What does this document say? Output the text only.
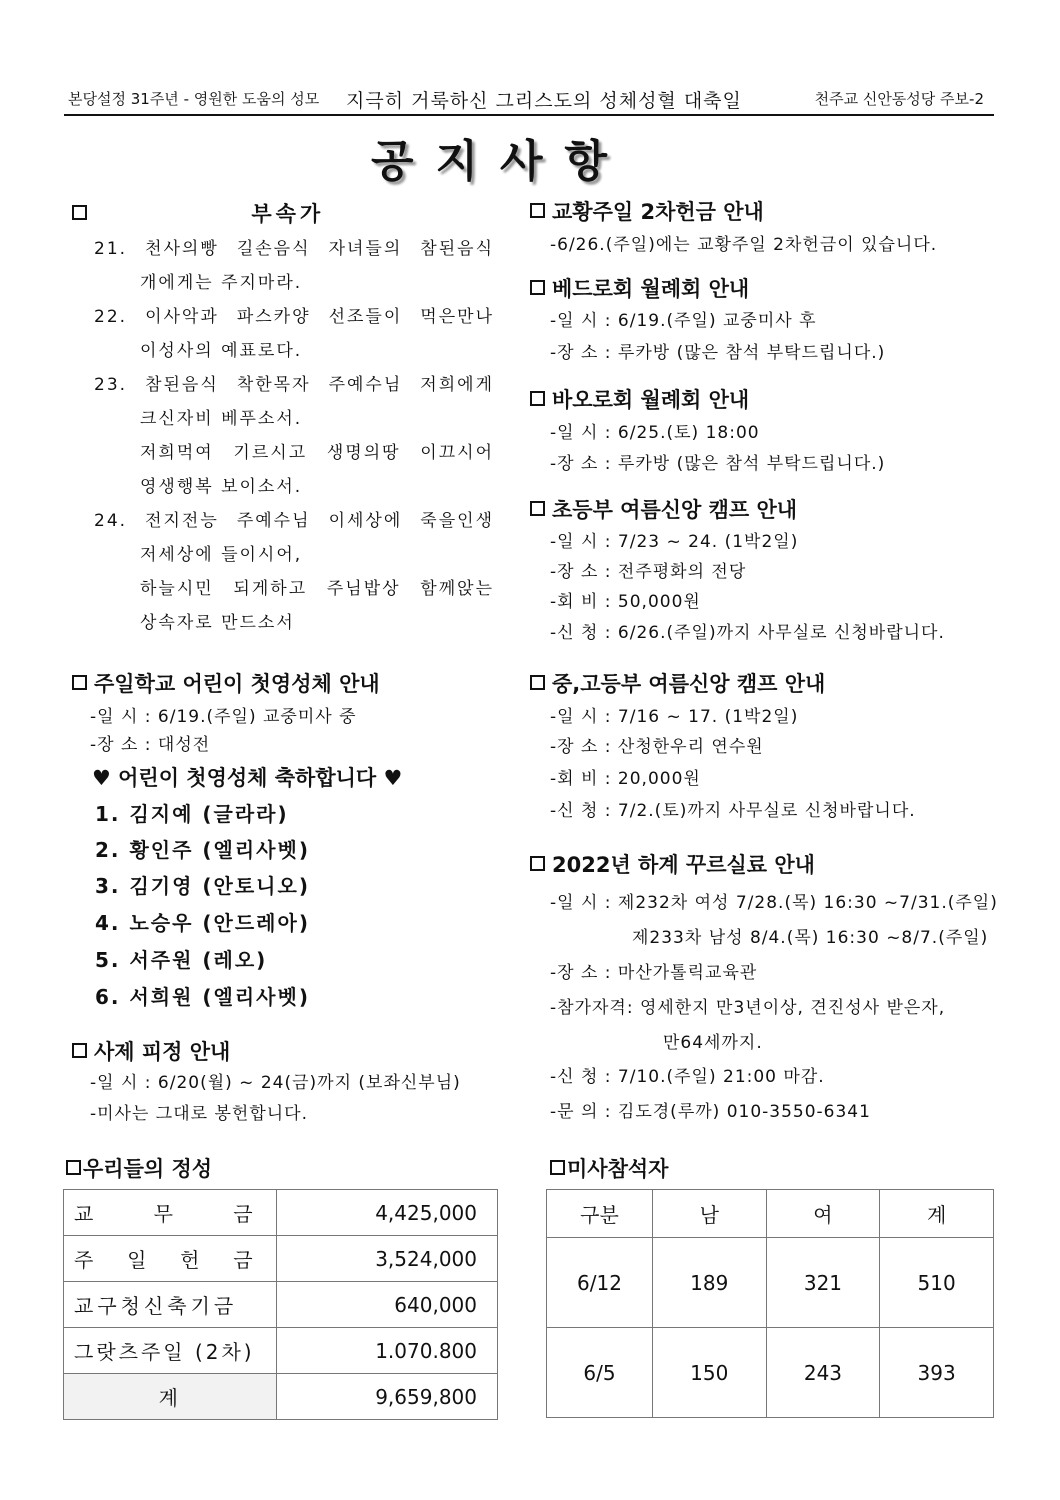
본당설정 31주년 - 영원한 도움의 성모 지극히 거룩하신 그리스도의 성체성혈 대축일	천주교 신안동성당 주보-2
공지사항
부속가
21. 천사의빵 길손음식 자녀들의 참된음식
개에게는 주지마라.
22. 이사악과 파스카양 선조들이 먹은만나
이성사의 예표로다.
23. 참된음식 착한목자 주예수님 저희에게
크신자비 베푸소서.
저희먹여 기르시고 생명의땅 이끄시어
영생행복 보이소서.
24. 전지전능 주예수님 이세상에 죽을인생
저세상에 들이시어,
하늘시민 되게하고 주님밥상 함께앉는
상속자로 만드소서
주일학교 어린이 첫영성체 안내
-일 시 : 6/19.(주일) 교중미사 중
-장 소 : 대성전
♥ 어린이 첫영성체 축하합니다 ♥
1. 김지예 (글라라)
2. 황인주 (엘리사벳)
3. 김기영 (안토니오)
4. 노승우 (안드레아)
5. 서주원 (레오)
6. 서희원 (엘리사벳)
사제 피정 안내
-일 시 : 6/20(월) ~ 24(금)까지 (보좌신부님)
-미사는 그대로 봉헌합니다.
교황주일 2차헌금 안내
-6/26.(주일)에는 교황주일 2차헌금이 있습니다.
베드로회 월례회 안내
-일 시 : 6/19.(주일) 교중미사 후
-장 소 : 루카방 (많은 참석 부탁드립니다.)
바오로회 월례회 안내
-일 시 : 6/25.(토) 18:00
-장 소 : 루카방 (많은 참석 부탁드립니다.)
초등부 여름신앙 캠프 안내
-일 시 : 7/23 ~ 24. (1박2일)
-장 소 : 전주평화의 전당
-회 비 : 50,000원
-신 청 : 6/26.(주일)까지 사무실로 신청바랍니다.
중,고등부 여름신앙 캠프 안내
-일 시 : 7/16 ~ 17. (1박2일)
-장 소 : 산청한우리 연수원
-회 비 : 20,000원
-신 청 : 7/2.(토)까지 사무실로 신청바랍니다.
2022년 하계 꾸르실료 안내
-일 시 : 제232차 여성 7/28.(목) 16:30 ~7/31.(주일)
제233차 남성 8/4.(목) 16:30 ~8/7.(주일)
-장 소 : 마산가톨릭교육관
-참가자격: 영세한지 만3년이상, 견진성사 받은자,
만64세까지.
-신 청 : 7/10.(주일) 21:00 마감.
-문 의 : 김도경(루까) 010-3550-6341
우리들의 정성
교 무 금	4,425,000

주 일 헌 금	3,524,000
교구청신축기금	640,000
그랏츠주일 (2차)	1.070.800
계	9,659,800
미사참석자
구분	남	여	계
6/12	189	321	510
6/5	150	243	393
